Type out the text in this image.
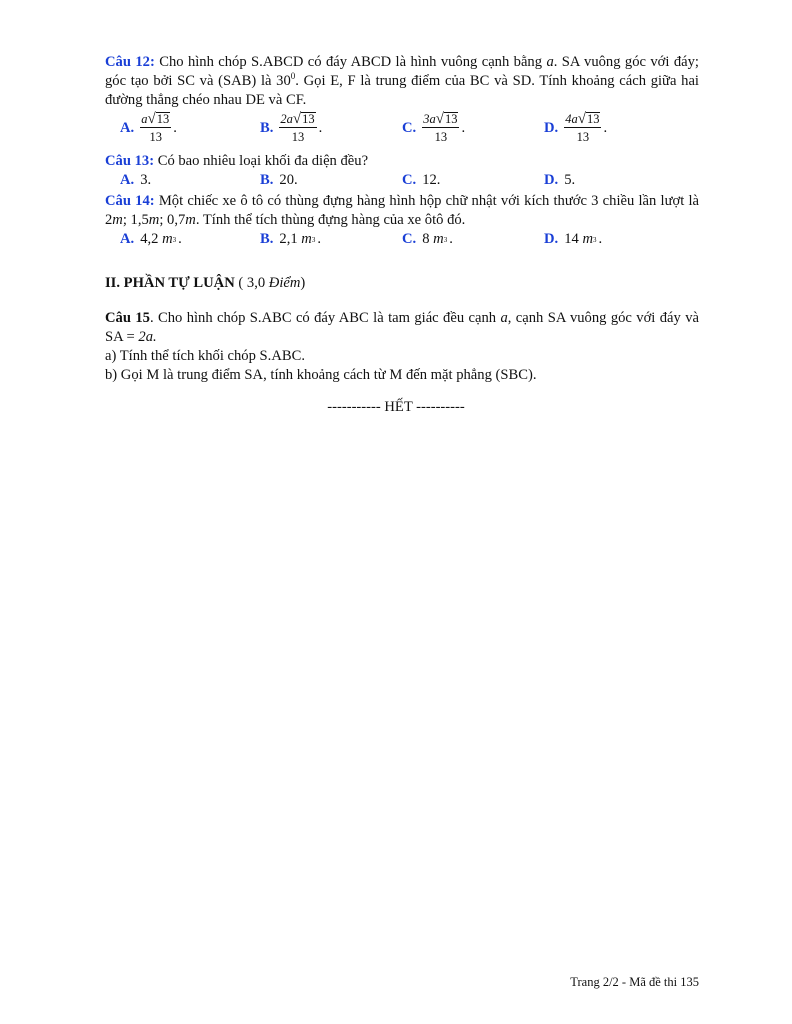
Câu 12: Cho hình chóp S.ABCD có đáy ABCD là hình vuông cạnh bằng a. SA vuông góc với đáy; góc tạo bởi SC và (SAB) là $30^0$. Gọi E, F là trung điểm của BC và SD. Tính khoảng cách giữa hai đường thẳng chéo nhau DE và CF.
A. $\frac{a √ 13}{13}$ .	B. $\frac{2a √ 13}{13}$ .	C. $\frac{3a √ 13}{13}$ .	D. $\frac{4a √ 13}{13}$ .
Câu 13: Có bao nhiêu loại khối đa diện đều?
A. 3.	B. 20.	C. 12.	D. 5.
Câu 14: Một chiếc xe ô tô có thùng đựng hàng hình hộp chữ nhật với kích thước 3 chiều lần lượt là 2m; 1,5m; 0,7m. Tính thể tích thùng đựng hàng của xe ôtô đó.
A. 4,2
m 3 .	B. 2,1
m 3 .	C. 8
m 3 .	D. 14
m 3 .
II. PHẦN TỰ LUẬN ( 3,0 Điểm)
Câu 15. Cho hình chóp S.ABC có đáy ABC là tam giác đều cạnh a, cạnh SA vuông góc với đáy và SA = 2a.
a) Tính thể tích khối chóp S.ABC.
b) Gọi M là trung điểm SA, tính khoảng cách từ M đến mặt phẳng (SBC).
----------- HẾT ----------
Trang 2/2 - Mã đề thi 135
